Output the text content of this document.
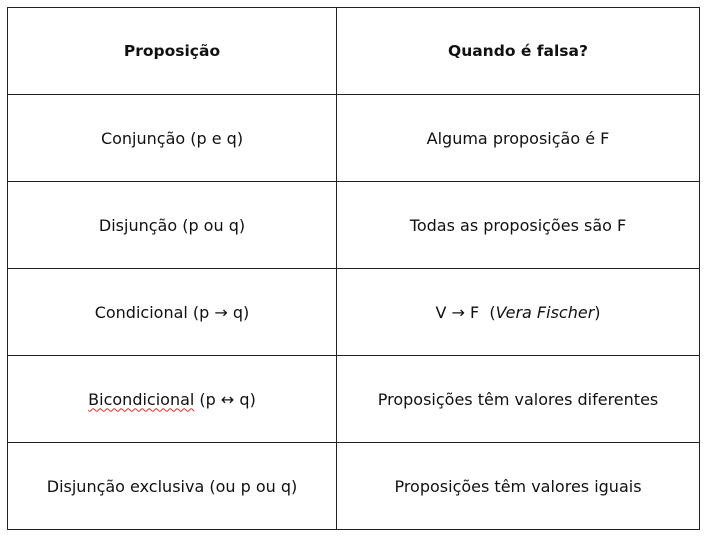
Proposição	Quando é falsa?
Conjunção (p e q)	Alguma proposição é F
Disjunção (p ou q)	Todas as proposições são F
Condicional (p → q)	V → F  (Vera Fischer)
Bicondicional (p ↔ q)	Proposições têm valores diferentes
Disjunção exclusiva (ou p ou q)	Proposições têm valores iguais
